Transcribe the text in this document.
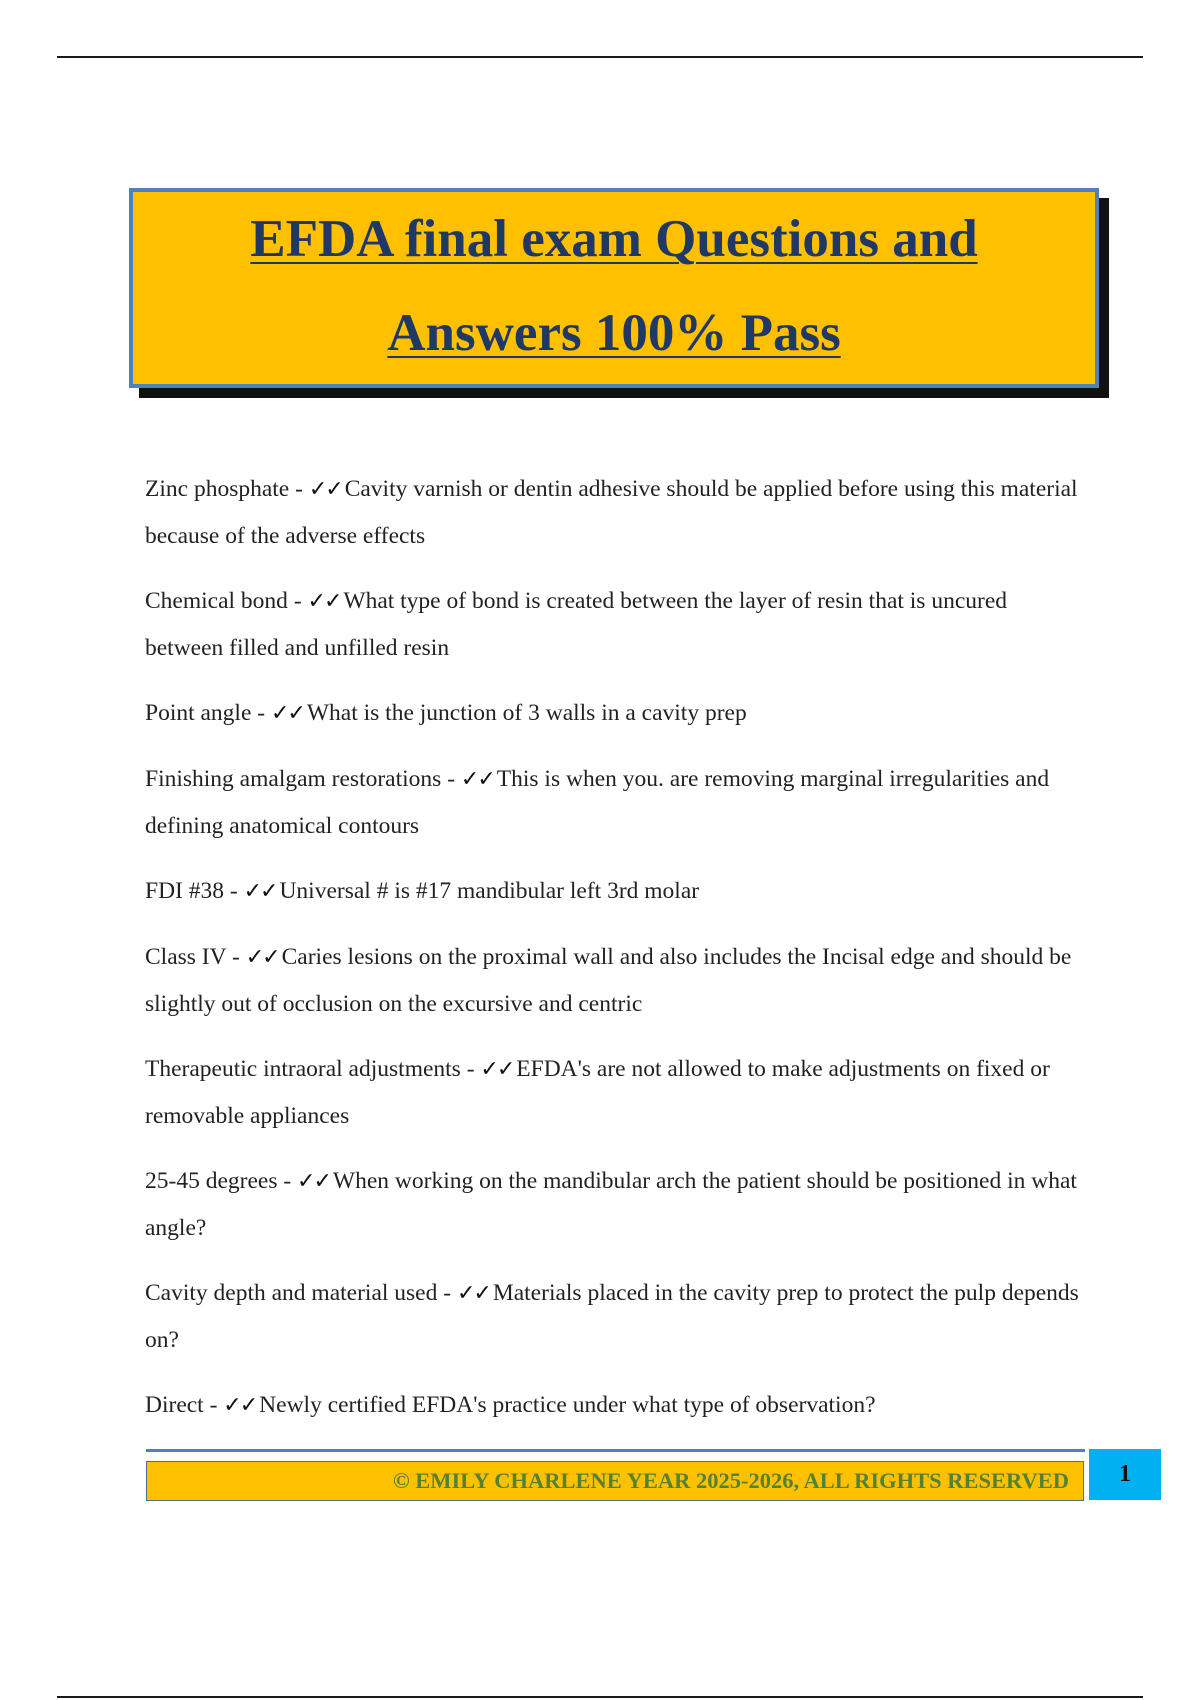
EFDA final exam Questions and
Answers 100% Pass
Zinc phosphate - ✓✓ Cavity varnish or dentin adhesive should be applied before using this material because of the adverse effects
Chemical bond - ✓✓ What type of bond is created between the layer of resin that is uncured between filled and unfilled resin
Point angle - ✓✓ What is the junction of 3 walls in a cavity prep
Finishing amalgam restorations - ✓✓ This is when you. are removing marginal irregularities and defining anatomical contours
FDI #38 - ✓✓ Universal # is #17 mandibular left 3rd molar
Class IV - ✓✓ Caries lesions on the proximal wall and also includes the Incisal edge and should be slightly out of occlusion on the excursive and centric
Therapeutic intraoral adjustments - ✓✓ EFDA's are not allowed to make adjustments on fixed or removable appliances
25-45 degrees - ✓✓ When working on the mandibular arch the patient should be positioned in what angle?
Cavity depth and material used - ✓✓ Materials placed in the cavity prep to protect the pulp depends on?
Direct - ✓✓ Newly certified EFDA's practice under what type of observation?
© EMILY CHARLENE YEAR 2025-2026, ALL RIGHTS RESERVED	1
